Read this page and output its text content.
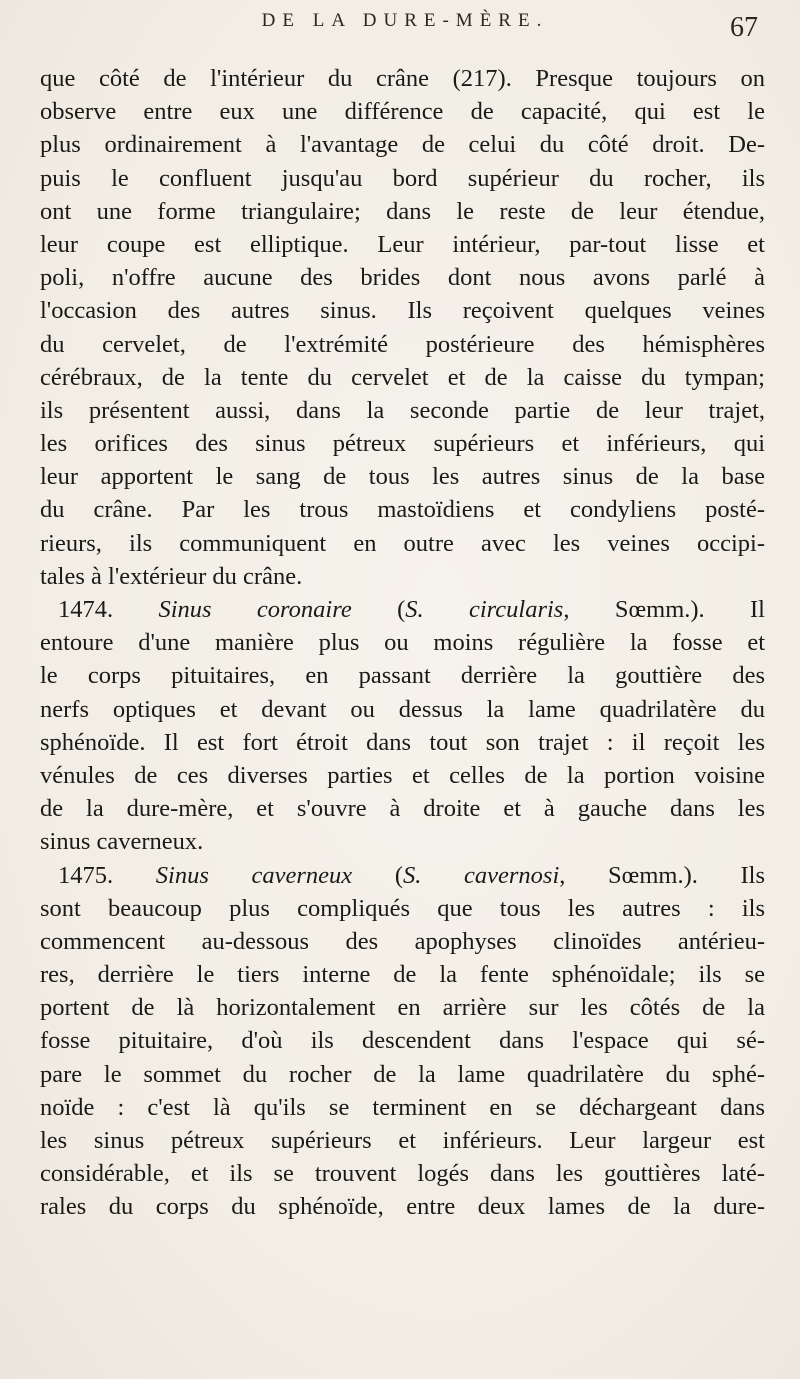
DE LA DURE-MÈRE.	67
que côté de l'intérieur du crâne (217). Presque toujours on
observe entre eux une différence de capacité, qui est le
plus ordinairement à l'avantage de celui du côté droit. De-
puis le confluent jusqu'au bord supérieur du rocher, ils
ont une forme triangulaire; dans le reste de leur étendue,
leur coupe est elliptique. Leur intérieur, par-tout lisse et
poli, n'offre aucune des brides dont nous avons parlé à
l'occasion des autres sinus. Ils reçoivent quelques veines
du cervelet, de l'extrémité postérieure des hémisphères
cérébraux, de la tente du cervelet et de la caisse du tympan;
ils présentent aussi, dans la seconde partie de leur trajet,
les orifices des sinus pétreux supérieurs et inférieurs, qui
leur apportent le sang de tous les autres sinus de la base
du crâne. Par les trous mastoïdiens et condyliens posté-
rieurs, ils communiquent en outre avec les veines occipi-
tales à l'extérieur du crâne.
1474. Sinus coronaire (S. circularis, Sœmm.). Il
entoure d'une manière plus ou moins régulière la fosse et
le corps pituitaires, en passant derrière la gouttière des
nerfs optiques et devant ou dessus la lame quadrilatère du
sphénoïde. Il est fort étroit dans tout son trajet : il reçoit les
vénules de ces diverses parties et celles de la portion voisine
de la dure-mère, et s'ouvre à droite et à gauche dans les
sinus caverneux.
1475. Sinus caverneux (S. cavernosi, Sœmm.). Ils
sont beaucoup plus compliqués que tous les autres : ils
commencent au-dessous des apophyses clinoïdes antérieu-
res, derrière le tiers interne de la fente sphénoïdale; ils se
portent de là horizontalement en arrière sur les côtés de la
fosse pituitaire, d'où ils descendent dans l'espace qui sé-
pare le sommet du rocher de la lame quadrilatère du sphé-
noïde : c'est là qu'ils se terminent en se déchargeant dans
les sinus pétreux supérieurs et inférieurs. Leur largeur est
considérable, et ils se trouvent logés dans les gouttières laté-
rales du corps du sphénoïde, entre deux lames de la dure-
